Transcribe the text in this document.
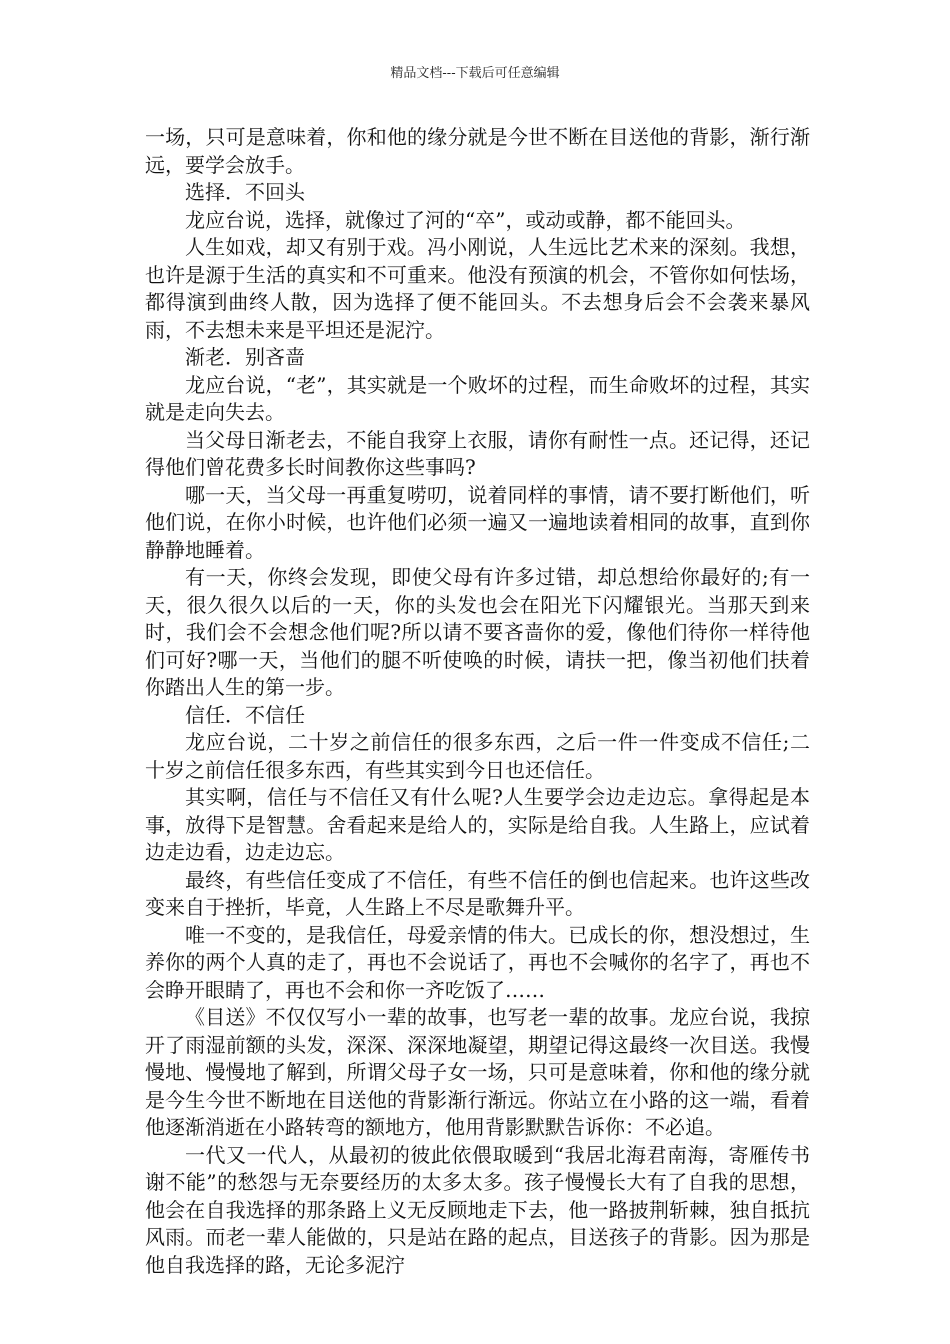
精品文档---下载后可任意编辑

一场，只可是意味着，你和他的缘分就是今世不断在目送他的背影，渐行渐远，要学会放手。

选择．不回头

龙应台说，选择，就像过了河的“卒”，或动或静，都不能回头。

人生如戏，却又有别于戏。冯小刚说，人生远比艺术来的深刻。我想，也许是源于生活的真实和不可重来。他没有预演的机会，不管你如何怯场，都得演到曲终人散，因为选择了便不能回头。不去想身后会不会袭来暴风雨，不去想未来是平坦还是泥泞。

渐老．别吝啬

龙应台说，“老”，其实就是一个败坏的过程，而生命败坏的过程，其实就是走向失去。

当父母日渐老去，不能自我穿上衣服，请你有耐性一点。还记得，还记得他们曾花费多长时间教你这些事吗?

哪一天，当父母一再重复唠叨，说着同样的事情，请不要打断他们，听他们说，在你小时候，也许他们必须一遍又一遍地读着相同的故事，直到你静静地睡着。

有一天，你终会发现，即使父母有许多过错，却总想给你最好的;有一天，很久很久以后的一天，你的头发也会在阳光下闪耀银光。当那天到来时，我们会不会想念他们呢?所以请不要吝啬你的爱，像他们待你一样待他们可好?哪一天，当他们的腿不听使唤的时候，请扶一把，像当初他们扶着你踏出人生的第一步。

信任．不信任

龙应台说，二十岁之前信任的很多东西，之后一件一件变成不信任;二十岁之前信任很多东西，有些其实到今日也还信任。

其实啊，信任与不信任又有什么呢?人生要学会边走边忘。拿得起是本事，放得下是智慧。舍看起来是给人的，实际是给自我。人生路上，应试着边走边看，边走边忘。

最终，有些信任变成了不信任，有些不信任的倒也信起来。也许这些改变来自于挫折，毕竟，人生路上不尽是歌舞升平。

唯一不变的，是我信任，母爱亲情的伟大。已成长的你，想没想过，生养你的两个人真的走了，再也不会说话了，再也不会喊你的名字了，再也不会睁开眼睛了，再也不会和你一齐吃饭了……

《目送》不仅仅写小一辈的故事，也写老一辈的故事。龙应台说，我掠开了雨湿前额的头发，深深、深深地凝望，期望记得这最终一次目送。我慢慢地、慢慢地了解到，所谓父母子女一场，只可是意味着，你和他的缘分就是今生今世不断地在目送他的背影渐行渐远。你站立在小路的这一端，看着他逐渐消逝在小路转弯的额地方，他用背影默默告诉你：不必追。

一代又一代人，从最初的彼此依偎取暖到“我居北海君南海，寄雁传书谢不能”的愁怨与无奈要经历的太多太多。孩子慢慢长大有了自我的思想，他会在自我选择的那条路上义无反顾地走下去，他一路披荆斩棘，独自抵抗风雨。而老一辈人能做的，只是站在路的起点，目送孩子的背影。因为那是他自我选择的路，无论多泥泞
